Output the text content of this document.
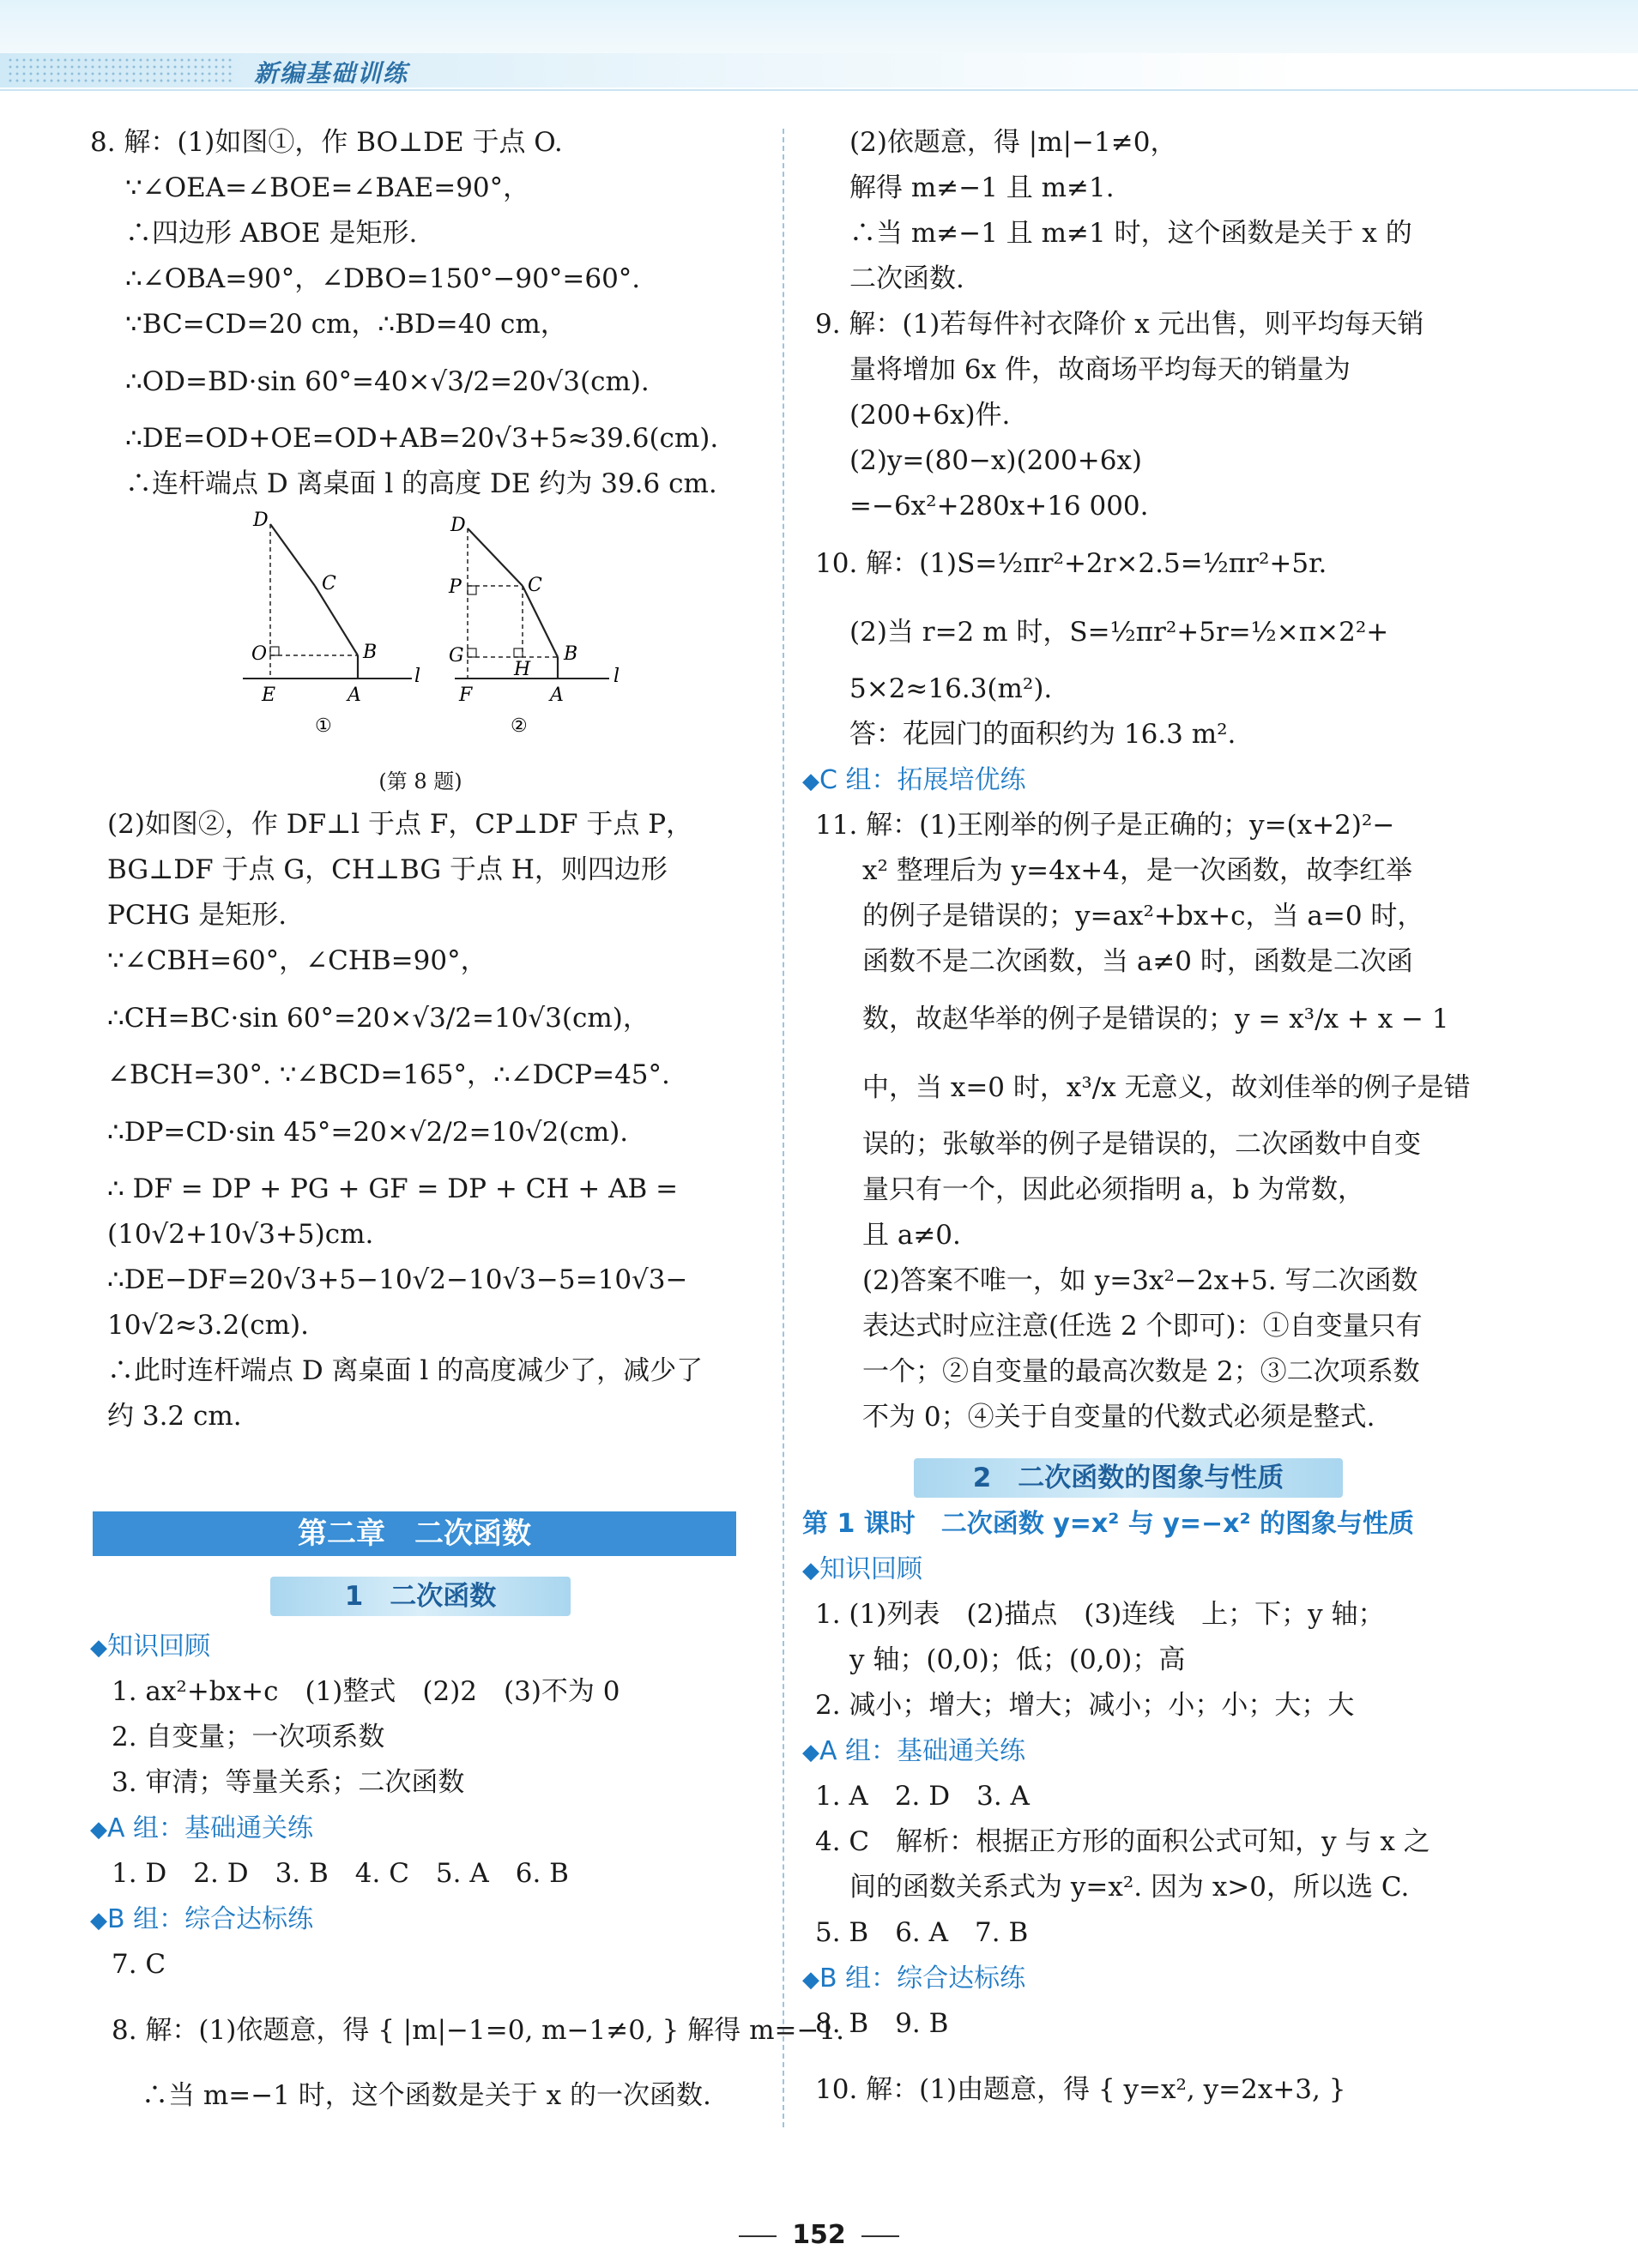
新编基础训练
8. 解：(1)如图①，作 BO⊥DE 于点 O.
∵∠OEA=∠BOE=∠BAE=90°，
∴四边形 ABOE 是矩形.
∴∠OBA=90°，∠DBO=150°−90°=60°.
∵BC=CD=20 cm，∴BD=40 cm，
∴OD=BD·sin 60°=40×√3/2=20√3(cm).
∴DE=OD+OE=OD+AB=20√3+5≈39.6(cm).
∴连杆端点 D 离桌面 l 的高度 DE 约为 39.6 cm.
D
C
O	B
E	A
l
①
D
P	C
G
H
B
F	A
l
②
(第 8 题)
(2)如图②，作 DF⊥l 于点 F，CP⊥DF 于点 P，
BG⊥DF 于点 G，CH⊥BG 于点 H，则四边形
PCHG 是矩形.
∵∠CBH=60°，∠CHB=90°，
∴CH=BC·sin 60°=20×√3/2=10√3(cm)，
∠BCH=30°. ∵∠BCD=165°，∴∠DCP=45°.
∴DP=CD·sin 45°=20×√2/2=10√2(cm).
∴ DF = DP + PG + GF = DP + CH + AB =
(10√2+10√3+5)cm.
∴DE−DF=20√3+5−10√2−10√3−5=10√3−
10√2≈3.2(cm).
∴此时连杆端点 D 离桌面 l 的高度减少了，减少了
约 3.2 cm.
第二章　二次函数
1　二次函数
◆知识回顾
1. ax²+bx+c　(1)整式　(2)2　(3)不为 0
2. 自变量；一次项系数
3. 审清；等量关系；二次函数
◆A 组：基础通关练
1. D　2. D　3. B　4. C　5. A　6. B
◆B 组：综合达标练
7. C
8. 解：(1)依题意，得 { |m|−1=0, m−1≠0, } 解得 m=−1.
∴当 m=−1 时，这个函数是关于 x 的一次函数.
(2)依题意，得 |m|−1≠0，
解得 m≠−1 且 m≠1.
∴当 m≠−1 且 m≠1 时，这个函数是关于 x 的
二次函数.
9. 解：(1)若每件衬衣降价 x 元出售，则平均每天销
量将增加 6x 件，故商场平均每天的销量为
(200+6x)件.
(2)y=(80−x)(200+6x)
=−6x²+280x+16 000.
10. 解：(1)S=½πr²+2r×2.5=½πr²+5r.
(2)当 r=2 m 时，S=½πr²+5r=½×π×2²+
5×2≈16.3(m²).
答：花园门的面积约为 16.3 m².
◆C 组：拓展培优练
11. 解：(1)王刚举的例子是正确的；y=(x+2)²−
x² 整理后为 y=4x+4，是一次函数，故李红举
的例子是错误的；y=ax²+bx+c，当 a=0 时，
函数不是二次函数，当 a≠0 时，函数是二次函
数，故赵华举的例子是错误的；y = x³/x + x − 1
中，当 x=0 时，x³/x 无意义，故刘佳举的例子是错
误的；张敏举的例子是错误的，二次函数中自变
量只有一个，因此必须指明 a，b 为常数，
且 a≠0.
(2)答案不唯一，如 y=3x²−2x+5. 写二次函数
表达式时应注意(任选 2 个即可)：①自变量只有
一个；②自变量的最高次数是 2；③二次项系数
不为 0；④关于自变量的代数式必须是整式.
2　二次函数的图象与性质
第 1 课时　二次函数 y=x² 与 y=−x² 的图象与性质
◆知识回顾
1. (1)列表　(2)描点　(3)连线　上；下；y 轴；
y 轴；(0,0)；低；(0,0)；高
2. 减小；增大；增大；减小；小；小；大；大
◆A 组：基础通关练
1. A　2. D　3. A
4. C　解析：根据正方形的面积公式可知，y 与 x 之
间的函数关系式为 y=x². 因为 x>0，所以选 C.
5. B　6. A　7. B
◆B 组：综合达标练
8. B　9. B
10. 解：(1)由题意，得 { y=x², y=2x+3, }
152
